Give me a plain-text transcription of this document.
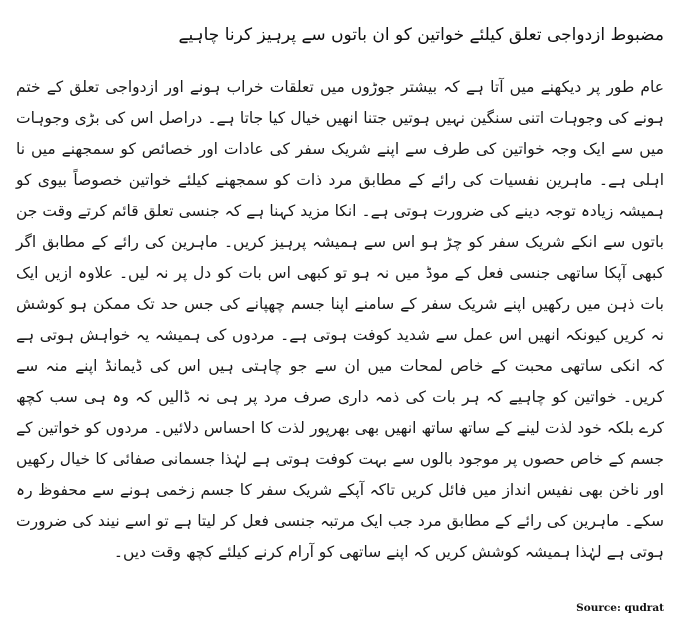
مضبوط ازدواجی تعلق کیلئے خواتین کو ان باتوں سے پرہیز کرنا چاہیے

عام طور پر دیکھنے میں آتا ہے کہ بیشتر جوڑوں میں تعلقات خراب ہونے اور ازدواجی تعلق کے ختم ہونے کی وجوہات اتنی سنگین نہیں ہوتیں جتنا انھیں خیال کیا جاتا ہے۔ دراصل اس کی بڑی وجوہات میں سے ایک وجہ خواتین کی طرف سے اپنے شریک سفر کی عادات اور خصائص کو سمجھنے میں نا اہلی ہے۔ ماہرین نفسیات کی رائے کے مطابق مرد ذات کو سمجھنے کیلئے خواتین خصوصاً بیوی کو ہمیشہ زیادہ توجہ دینے کی ضرورت ہوتی ہے۔ انکا مزید کہنا ہے کہ جنسی تعلق قائم کرتے وقت جن باتوں سے انکے شریک سفر کو چڑ ہو اس سے ہمیشہ پرہیز کریں۔ ماہرین کی رائے کے مطابق اگر کبھی آپکا ساتھی جنسی فعل کے موڈ میں نہ ہو تو کبھی اس بات کو دل پر نہ لیں۔ علاوہ ازیں ایک بات ذہن میں رکھیں اپنے شریک سفر کے سامنے اپنا جسم چھپانے کی جس حد تک ممکن ہو کوشش نہ کریں کیونکہ انھیں اس عمل سے شدید کوفت ہوتی ہے۔ مردوں کی ہمیشہ یہ خواہش ہوتی ہے کہ انکی ساتھی محبت کے خاص لمحات میں ان سے جو چاہتی ہیں اس کی ڈیمانڈ اپنے منہ سے کریں۔ خواتین کو چاہیے کہ ہر بات کی ذمہ داری صرف مرد پر ہی نہ ڈالیں کہ وہ ہی سب کچھ کرے بلکہ خود لذت لینے کے ساتھ ساتھ انھیں بھی بھرپور لذت کا احساس دلائیں۔ مردوں کو خواتین کے جسم کے خاص حصوں پر موجود بالوں سے بہت کوفت ہوتی ہے لہٰذا جسمانی صفائی کا خیال رکھیں اور ناخن بھی نفیس انداز میں فائل کریں تاکہ آپکے شریک سفر کا جسم زخمی ہونے سے محفوظ رہ سکے۔ ماہرین کی رائے کے مطابق مرد جب ایک مرتبہ جنسی فعل کر لیتا ہے تو اسے نیند کی ضرورت ہوتی ہے لہٰذا ہمیشہ کوشش کریں کہ اپنے ساتھی کو آرام کرنے کیلئے کچھ وقت دیں۔

Source: qudrat
